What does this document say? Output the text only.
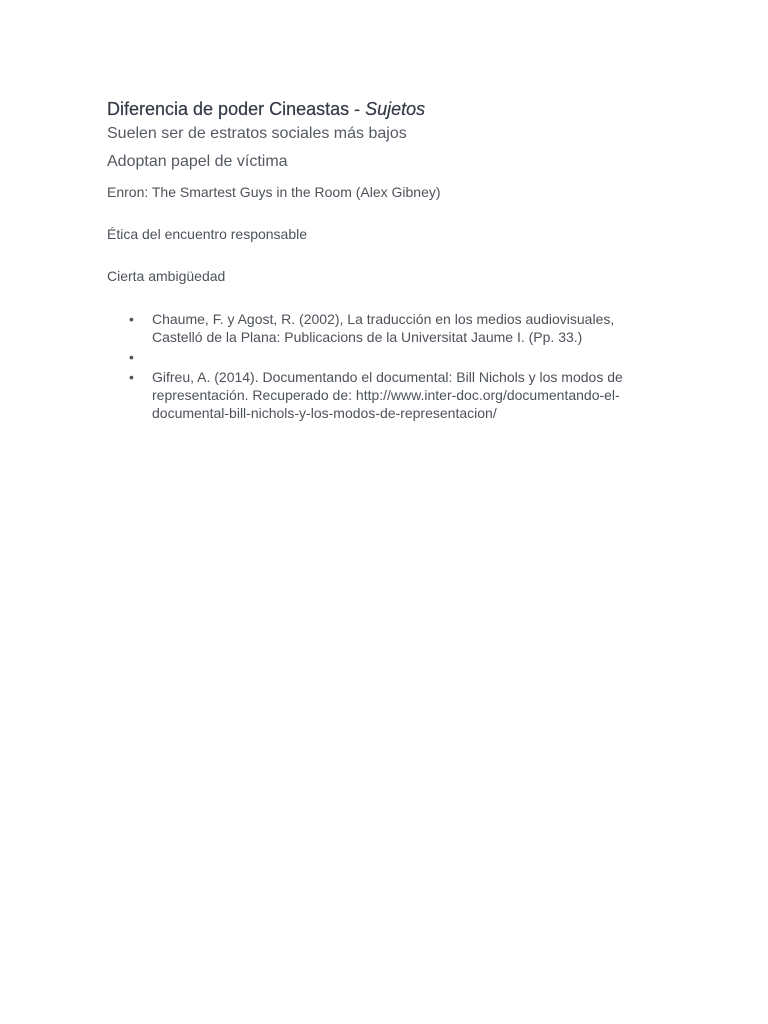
Diferencia de poder Cineastas - Sujetos

Suelen ser de estratos sociales más bajos

Adoptan papel de víctima

Enron: The Smartest Guys in the Room (Alex Gibney)

Ética del encuentro responsable

Cierta ambigüedad

• Chaume, F. y Agost, R. (2002), La traducción en los medios audiovisuales, Castelló de la Plana: Publicacions de la Universitat Jaume I. (Pp. 33.)
•
• Gifreu, A. (2014). Documentando el documental: Bill Nichols y los modos de representación. Recuperado de: http://www.inter-doc.org/documentando-el-documental-bill-nichols-y-los-modos-de-representacion/
